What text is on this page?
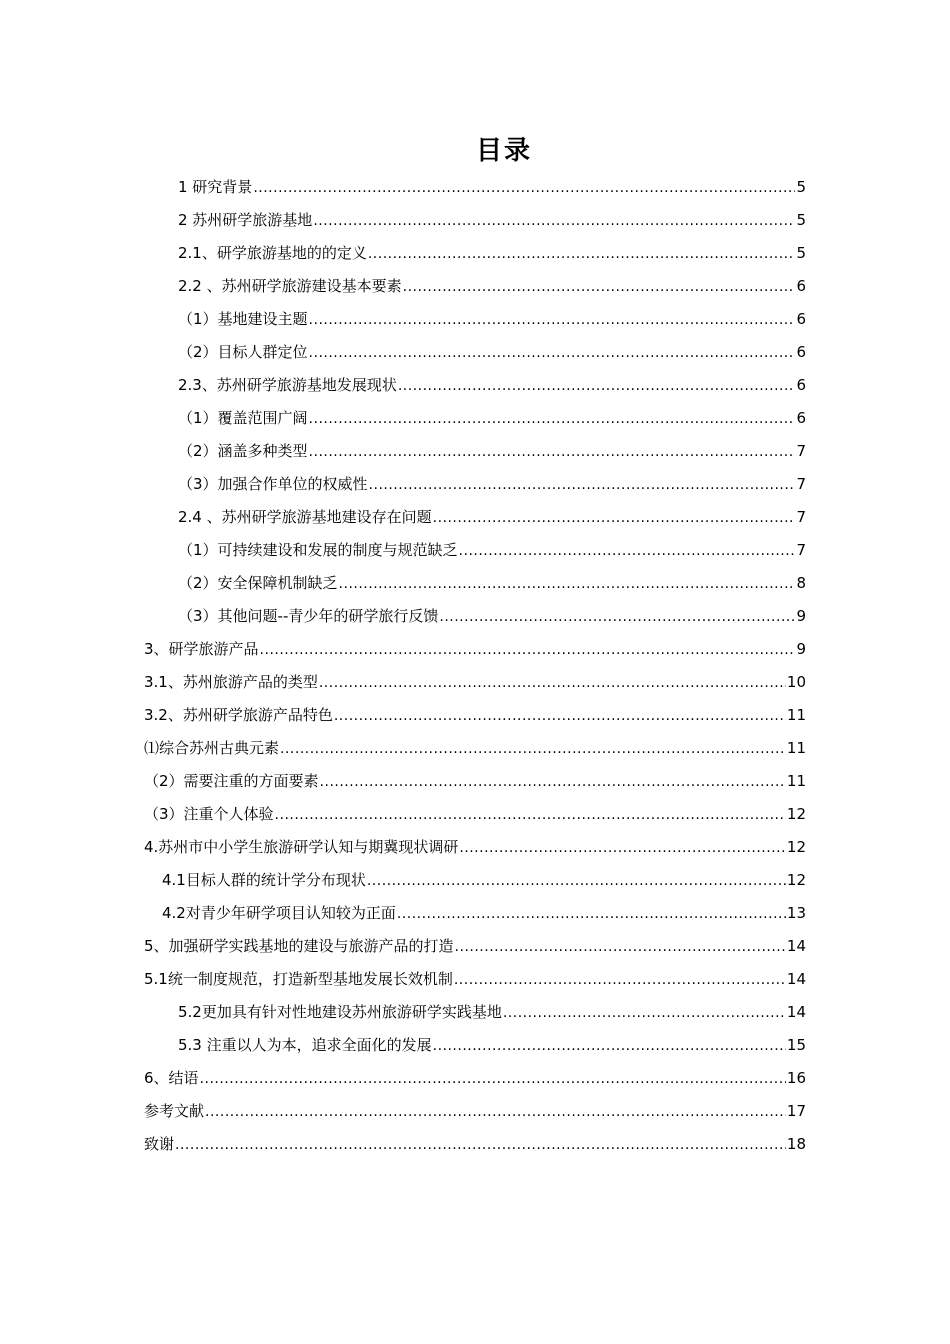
目录
1 研究背景 .....	5
2 苏州研学旅游基地 .....	5
2.1、研学旅游基地的的定义 .....	5
2.2 、苏州研学旅游建设基本要素 .....	6
（1）基地建设主题 .....	6
（2）目标人群定位 .....	6
2.3、苏州研学旅游基地发展现状 .....	6
（1）覆盖范围广阔 .....	6
（2）涵盖多种类型 .....	7
（3）加强合作单位的权威性 .....	7
2.4 、苏州研学旅游基地建设存在问题 .....	7
（1）可持续建设和发展的制度与规范缺乏 .....	7
（2）安全保障机制缺乏 .....	8
（3）其他问题--青少年的研学旅行反馈 .....	9
3、研学旅游产品 .....	9
3.1、苏州旅游产品的类型 .....	10
3.2、苏州研学旅游产品特色 .....	11
⑴综合苏州古典元素 .....	11
（2）需要注重的方面要素 .....	11
（3）注重个人体验 .....	12
4.苏州市中小学生旅游研学认知与期冀现状调研 .....	12
4.1目标人群的统计学分布现状 .....	12
4.2对青少年研学项目认知较为正面 .....	13
5、加强研学实践基地的建设与旅游产品的打造 .....	14
5.1统一制度规范，打造新型基地发展长效机制 .....	14
5.2更加具有针对性地建设苏州旅游研学实践基地 .....	14
5.3 注重以人为本，追求全面化的发展 .....	15
6、结语 .....	16
参考文献 .....	17
致谢 .....	18
